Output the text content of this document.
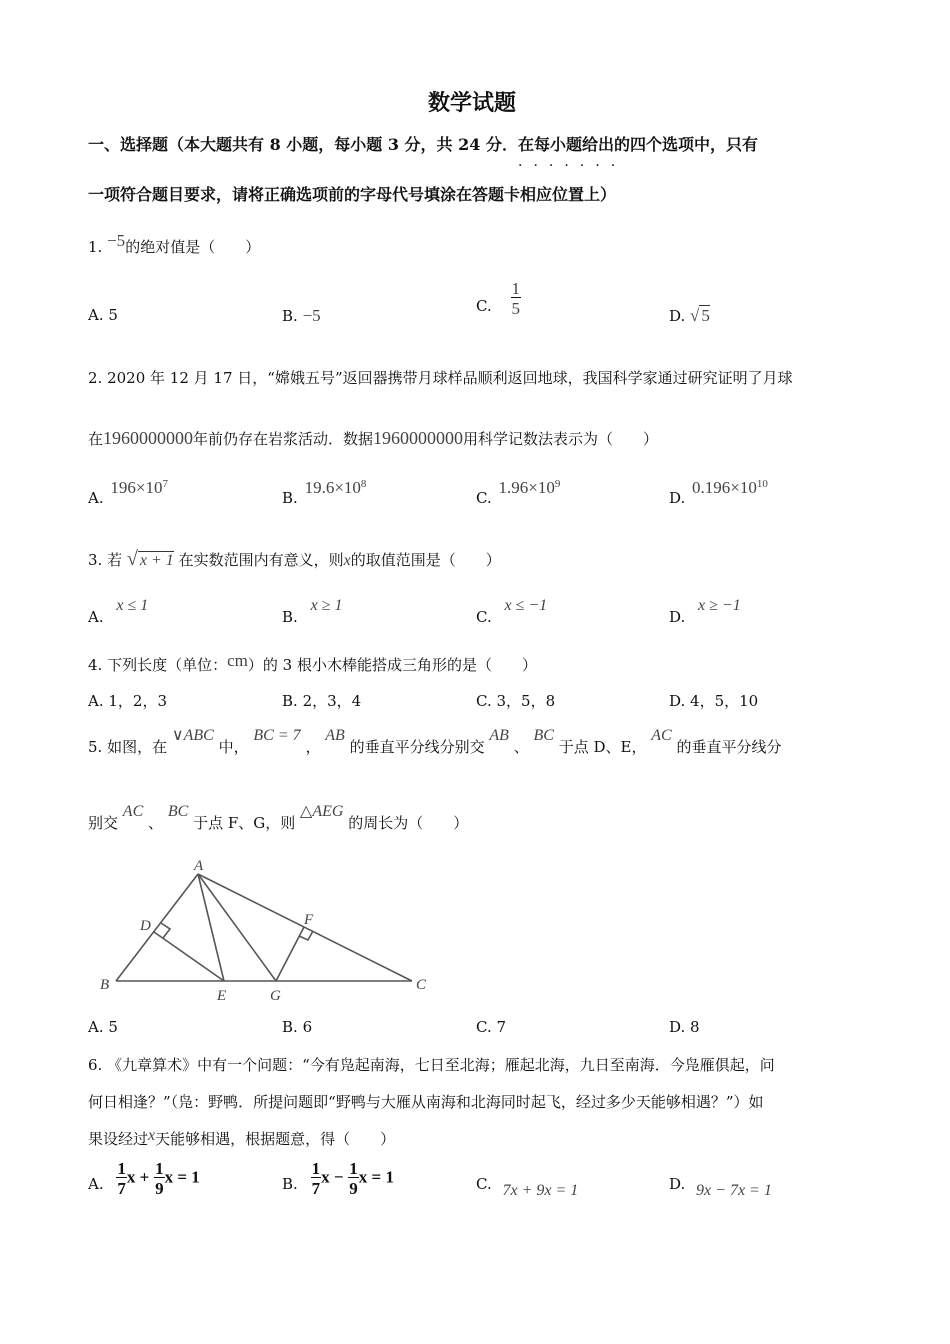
数学试题
一、选择题（本大题共有 8 小题，每小题 3 分，共 24 分．在每小题给出的四个选项中，只有
·······
一项符合题目要求，请将正确选项前的字母代号填涂在答题卡相应位置上）
1. −5的绝对值是（　　）
A. 5	B. −5
C. $\frac{1}{5}$	D. √ 5
2. 2020 年 12 月 17 日，“嫦娥五号”返回器携带月球样品顺利返回地球，我国科学家通过研究证明了月球
在1960000000年前仍存在岩浆活动．数据1960000000用科学记数法表示为（　　）
A. $196\times 10^7$
B. $19.6\times 10^8$
C. $1.96\times 10^9$
D. $0.196\times 10^{10}$
3. 若 √ x + 1 在实数范围内有意义，则x的取值范围是（　　）
A. x ≤ 1
B. x ≥ 1
C. x ≤ −1
D. x ≥ −1
4. 下列长度（单位：cm）的 3 根小木棒能搭成三角形的是（　　）
A. 1，2，3	B. 2，3，4	C. 3，5，8	D. 4，5，10
5. 如图，在 ∨ABC 中， BC = 7 ， AB 的垂直平分线分别交 AB 、 BC 于点 D、E， AC 的垂直平分线分
别交 AC 、 BC 于点 F、G，则 △AEG 的周长为（　　）
A
B	C
D
E
F
G
A. 5	B. 6	C. 7	D. 8
6. 《九章算术》中有一个问题：“今有凫起南海，七日至北海；雁起北海，九日至南海．今凫雁俱起，问
何日相逢？”（凫：野鸭．所提问题即“野鸭与大雁从南海和北海同时起飞，经过多少天能够相遇？”）如
果设经过x天能够相遇，根据题意，得（　　）
A. $\frac{1}{7}$ $x + \frac{1}{9}$ x = 1	B. $\frac{1}{7}$ $x - \frac{1}{9}$ x = 1	C. 7x + 9x = 1	D. 9x − 7x = 1
